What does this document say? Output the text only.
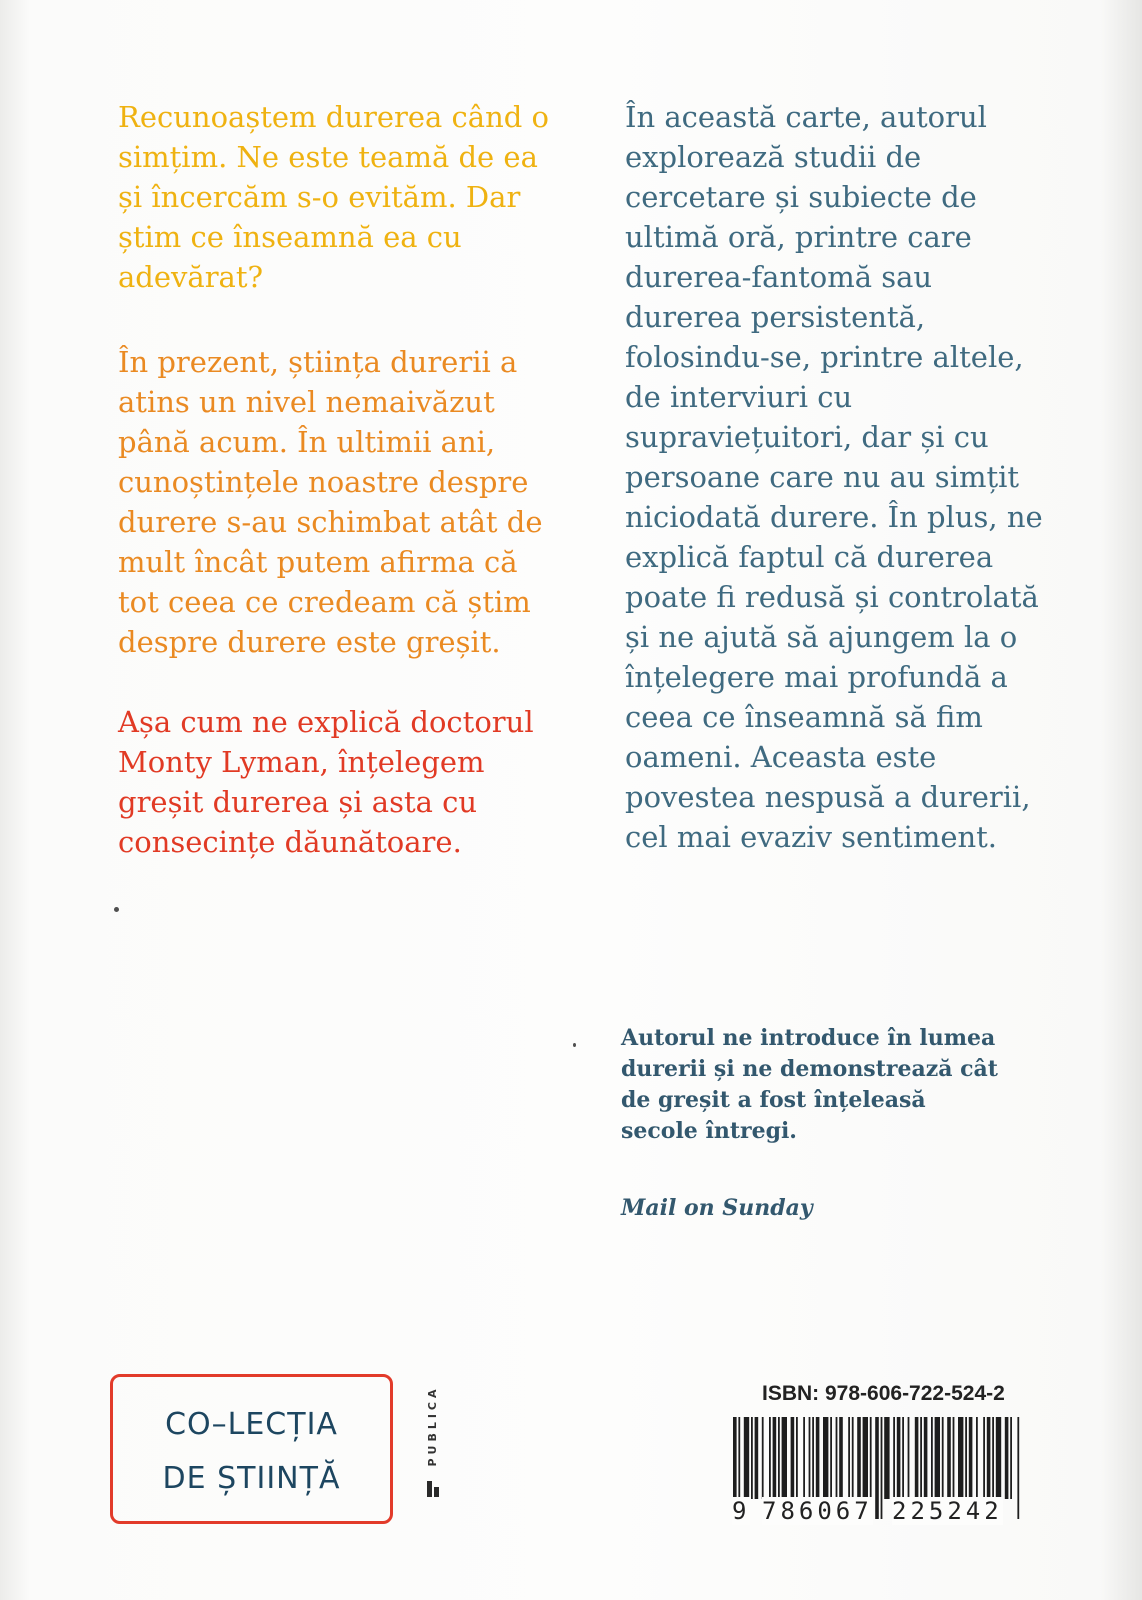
Recunoaștem durerea când o
simțim. Ne este teamă de ea
și încercăm s-o evităm. Dar
știm ce înseamnă ea cu
adevărat?

În prezent, știința durerii a
atins un nivel nemaivăzut
până acum. În ultimii ani,
cunoștințele noastre despre
durere s-au schimbat atât de
mult încât putem afirma că
tot ceea ce credeam că știm
despre durere este greșit.

Așa cum ne explică doctorul
Monty Lyman, înțelegem
greșit durerea și asta cu
consecințe dăunătoare.

În această carte, autorul
explorează studii de
cercetare și subiecte de
ultimă oră, printre care
durerea-fantomă sau
durerea persistentă,
folosindu-se, printre altele,
de interviuri cu
supraviețuitori, dar și cu
persoane care nu au simțit
niciodată durere. În plus, ne
explică faptul că durerea
poate fi redusă și controlată
și ne ajută să ajungem la o
înțelegere mai profundă a
ceea ce înseamnă să fim
oameni. Aceasta este
povestea nespusă a durerii,
cel mai evaziv sentiment.

Autorul ne introduce în lumea
durerii și ne demonstrează cât
de greșit a fost înțeleasă
secole întregi.

Mail on Sunday

CO–LECȚIA
DE ȘTIINȚĂ
PUBLICA	ISBN: 978-606-722-524-2
9 786067 225242
